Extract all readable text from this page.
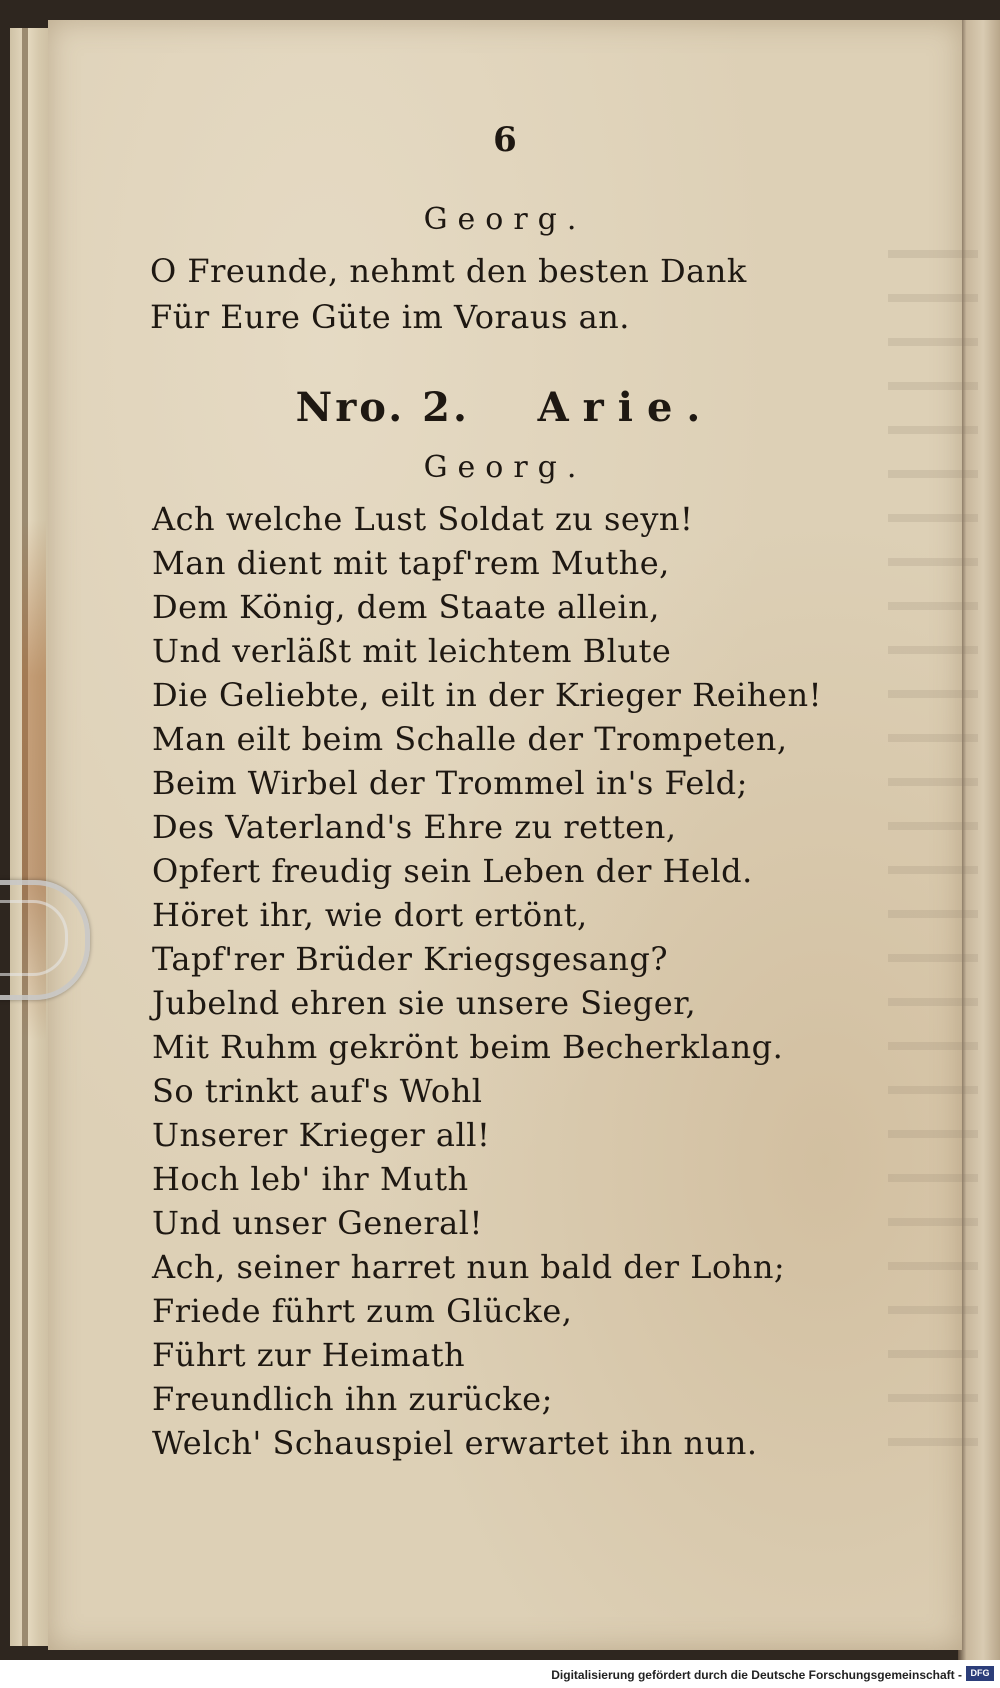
6
Georg.
O Freunde, nehmt den besten Dank
Für Eure Güte im Voraus an.
Nro. 2. Arie.
Georg.
Ach welche Lust Soldat zu seyn!
Man dient mit tapf'rem Muthe,
Dem König, dem Staate allein,
Und verläßt mit leichtem Blute
Die Geliebte, eilt in der Krieger Reihen!
Man eilt beim Schalle der Trompeten,
Beim Wirbel der Trommel in's Feld;
Des Vaterland's Ehre zu retten,
Opfert freudig sein Leben der Held.
Höret ihr, wie dort ertönt,
Tapf'rer Brüder Kriegsgesang?
Jubelnd ehren sie unsere Sieger,
Mit Ruhm gekrönt beim Becherklang.
So trinkt auf's Wohl
Unserer Krieger all!
Hoch leb' ihr Muth
Und unser General!
Ach, seiner harret nun bald der Lohn;
Friede führt zum Glücke,
Führt zur Heimath
Freundlich ihn zurücke;
Welch' Schauspiel erwartet ihn nun.
Digitalisierung gefördert durch die Deutsche Forschungsgemeinschaft - DFG
